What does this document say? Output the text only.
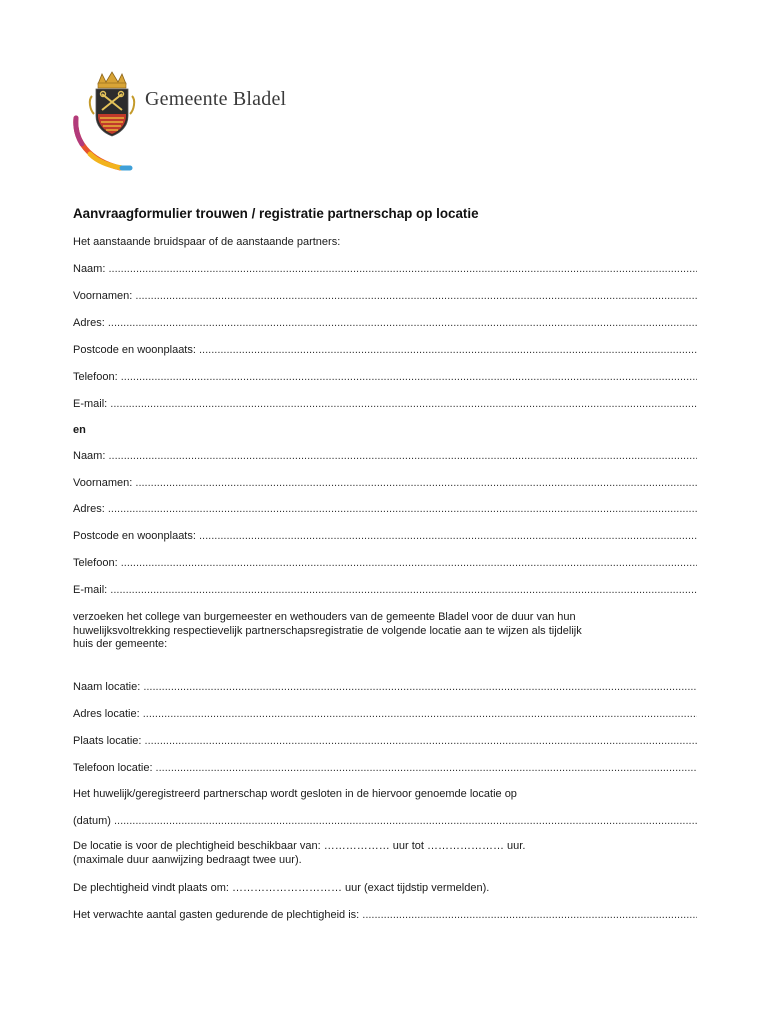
Gemeente Bladel
Aanvraagformulier trouwen / registratie partnerschap op locatie
Het aanstaande bruidspaar of de aanstaande partners:
Naam: .....
Voornamen: .....
Adres: .....
Postcode en woonplaats: .....
Telefoon: .....
E-mail: .....
en
Naam: .....
Voornamen: .....
Adres: .....
Postcode en woonplaats: .....
Telefoon: .....
E-mail: .....
verzoeken het college van burgemeester en wethouders van de gemeente Bladel voor de duur van hun
huwelijksvoltrekking respectievelijk partnerschapsregistratie de volgende locatie aan te wijzen als tijdelijk
huis der gemeente:
Naam locatie: .....
Adres locatie: .....
Plaats locatie: .....
Telefoon locatie: .....
Het huwelijk/geregistreerd partnerschap wordt gesloten in de hiervoor genoemde locatie op
(datum) .....
De locatie is voor de plechtigheid beschikbaar van: ……………… uur tot ………………… uur.
(maximale duur aanwijzing bedraagt twee uur).
De plechtigheid vindt plaats om: ………………………… uur (exact tijdstip vermelden).
Het verwachte aantal gasten gedurende de plechtigheid is: .....
